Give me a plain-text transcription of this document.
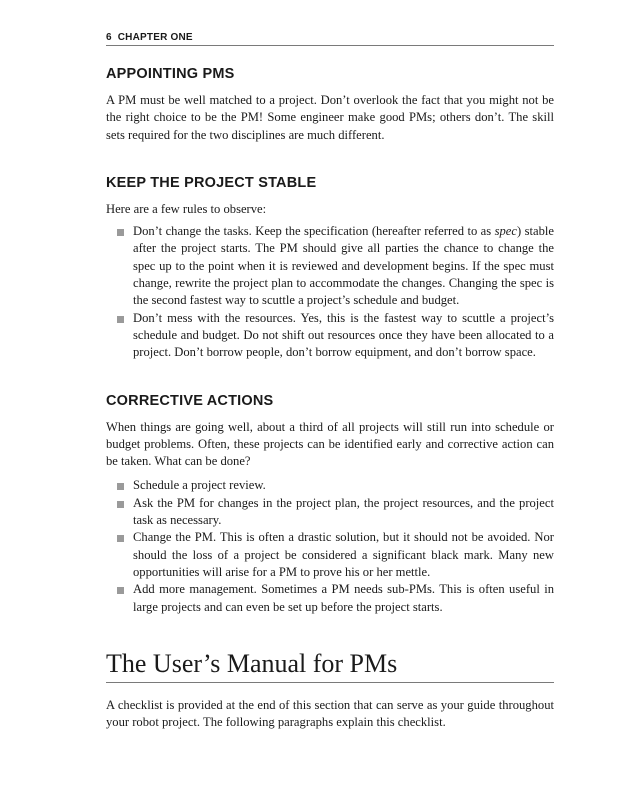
6 CHAPTER ONE
APPOINTING PMS

A PM must be well matched to a project. Don’t overlook the fact that you might not be the right choice to be the PM! Some engineer make good PMs; others don’t. The skill sets required for the two disciplines are much different.

KEEP THE PROJECT STABLE

Here are a few rules to observe:

Don’t change the tasks. Keep the specification (hereafter referred to as spec) stable after the project starts. The PM should give all parties the chance to change the spec up to the point when it is reviewed and development begins. If the spec must change, rewrite the project plan to accommodate the changes. Changing the spec is the second fastest way to scuttle a project’s schedule and budget.
Don’t mess with the resources. Yes, this is the fastest way to scuttle a project’s schedule and budget. Do not shift out resources once they have been allocated to a project. Don’t borrow people, don’t borrow equipment, and don’t borrow space.
CORRECTIVE ACTIONS

When things are going well, about a third of all projects will still run into schedule or budget problems. Often, these projects can be identified early and corrective action can be taken. What can be done?

Schedule a project review.
Ask the PM for changes in the project plan, the project resources, and the project task as necessary.
Change the PM. This is often a drastic solution, but it should not be avoided. Nor should the loss of a project be considered a significant black mark. Many new opportunities will arise for a PM to prove his or her mettle.
Add more management. Sometimes a PM needs sub-PMs. This is often useful in large projects and can even be set up before the project starts.
The User’s Manual for PMs

A checklist is provided at the end of this section that can serve as your guide throughout your robot project. The following paragraphs explain this checklist.
